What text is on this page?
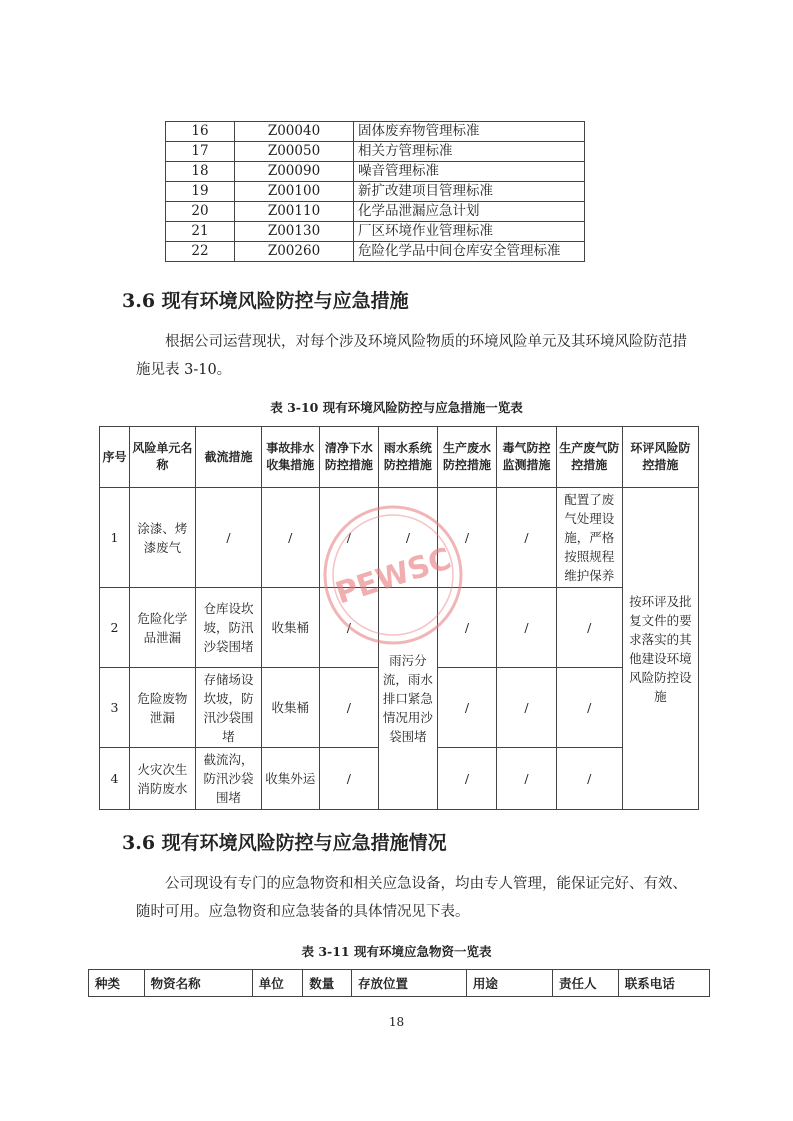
16	Z00040	固体废弃物管理标准
17	Z00050	相关方管理标准
18	Z00090	噪音管理标准
19	Z00100	新扩改建项目管理标准
20	Z00110	化学品泄漏应急计划
21	Z00130	厂区环境作业管理标准
22	Z00260	危险化学品中间仓库安全管理标准
3.6 现有环境风险防控与应急措施

根据公司运营现状，对每个涉及环境风险物质的环境风险单元及其环境风险防范措施见表 3-10。

表 3-10 现有环境风险防控与应急措施一览表

序号	风险单元名称	截流措施	事故排水收集措施	清净下水防控措施	雨水系统防控措施	生产废水防控措施	毒气防控监测措施	生产废气防控措施	环评风险防控措施
1	涂漆、烤漆废气	/	/	/	/	/	/	配置了废气处理设施，严格按照规程维护保养	按环评及批复文件的要求落实的其他建设环境风险防控设施
2	危险化学品泄漏	仓库设坎坡，防汛沙袋围堵	收集桶	/	雨污分流，雨水排口紧急情况用沙袋围堵	/	/	/	
3	危险废物泄漏	存储场设坎坡，防汛沙袋围堵	收集桶	/		/	/	/	
4	火灾次生消防废水	截流沟，防汛沙袋围堵	收集外运	/		/	/	/	
PEWSC
3.6 现有环境风险防控与应急措施情况

公司现设有专门的应急物资和相关应急设备，均由专人管理，能保证完好、有效、随时可用。应急物资和应急装备的具体情况见下表。

表 3-11 现有环境应急物资一览表

种类	物资名称	单位	数量	存放位置	用途	责任人	联系电话

18
